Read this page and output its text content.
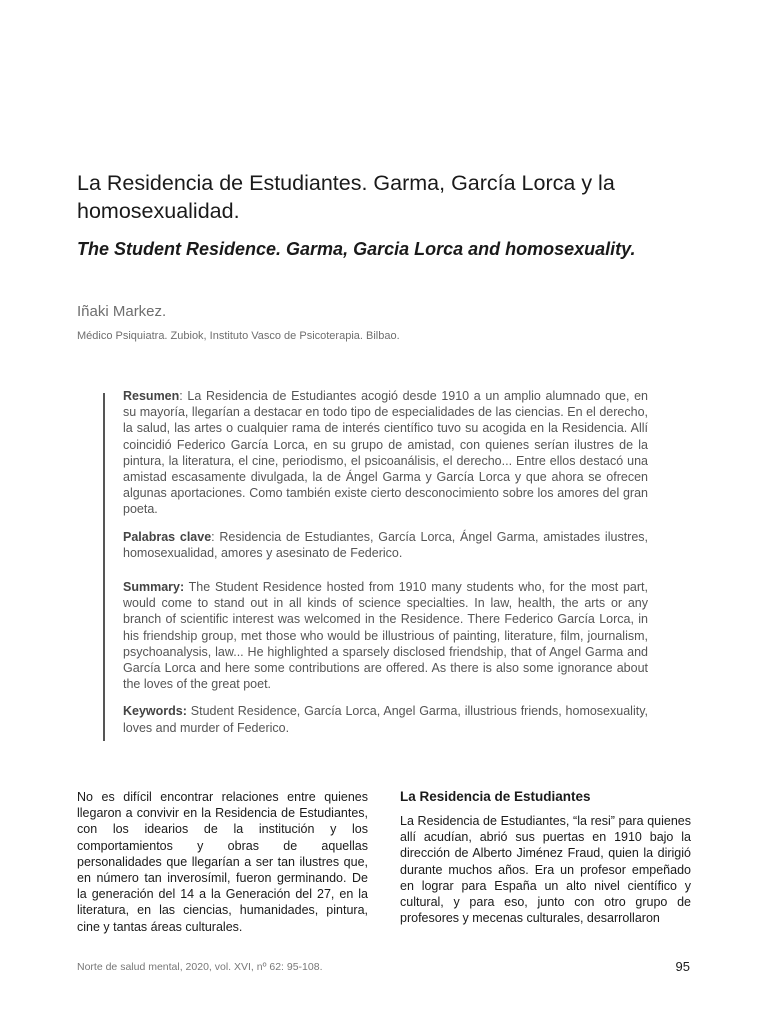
La Residencia de Estudiantes. Garma, García Lorca y la homosexualidad.
The Student Residence. Garma, Garcia Lorca and homosexuality.
Iñaki Markez.
Médico Psiquiatra. Zubiok, Instituto Vasco de Psicoterapia. Bilbao.

Resumen: La Residencia de Estudiantes acogió desde 1910 a un amplio alumnado que, en su mayoría, llegarían a destacar en todo tipo de especialidades de las ciencias. En el derecho, la salud, las artes o cualquier rama de interés científico tuvo su acogida en la Residencia. Allí coincidió Federico García Lorca, en su grupo de amistad, con quienes serían ilustres de la pintura, la literatura, el cine, periodismo, el psicoanálisis, el derecho... Entre ellos destacó una amistad escasamente divulgada, la de Ángel Garma y García Lorca y que ahora se ofrecen algunas aportaciones. Como también existe cierto desconocimiento sobre los amores del gran poeta.

Palabras clave: Residencia de Estudiantes, García Lorca, Ángel Garma, amistades ilustres, homosexualidad, amores y asesinato de Federico.

Summary: The Student Residence hosted from 1910 many students who, for the most part, would come to stand out in all kinds of science specialties. In law, health, the arts or any branch of scientific interest was welcomed in the Residence. There Federico García Lorca, in his friendship group, met those who would be illustrious of painting, literature, film, journalism, psychoanalysis, law... He highlighted a sparsely disclosed friendship, that of Angel Garma and García Lorca and here some contributions are offered. As there is also some ignorance about the loves of the great poet.

Keywords: Student Residence, García Lorca, Angel Garma, illustrious friends, homosexuality, loves and murder of Federico.

No es difícil encontrar relaciones entre quienes llegaron a convivir en la Residencia de Estudiantes, con los idearios de la institución y los comportamientos y obras de aquellas personalidades que llegarían a ser tan ilustres que, en número tan inverosímil, fueron germinando. De la generación del 14 a la Generación del 27, en la literatura, en las ciencias, humanidades, pintura, cine y tantas áreas culturales.

La Residencia de Estudiantes

La Residencia de Estudiantes, “la resi” para quienes allí acudían, abrió sus puertas en 1910 bajo la dirección de Alberto Jiménez Fraud, quien la dirigió durante muchos años. Era un profesor empeñado en lograr para España un alto nivel científico y cultural, y para eso, junto con otro grupo de profesores y mecenas culturales, desarrollaron

Norte de salud mental, 2020, vol. XVI, nº 62: 95-108.	95
